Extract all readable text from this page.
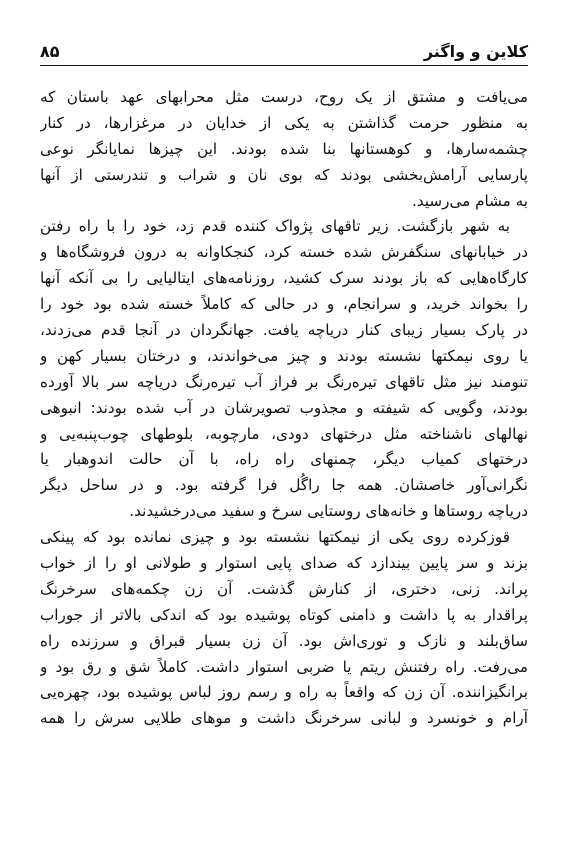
کلاین و واگنر
۸۵
می‌یافت و مشتق از یک روح، درست مثل محرابهای عهد باستان که
به منظور حرمت گذاشتن به یکی از خدایان در مرغزارها، در کنار
چشمه‌سارها، و کوهستانها بنا شده بودند. این چیزها نمایانگر نوعی
پارسایی آرامش‌بخشی بودند که بوی نان و شراب و تندرستی از آنها
به مشام می‌رسید.
به شهر بازگشت. زیر تاقهای پژواک کننده قدم زد، خود را با راه رفتن
در خیابانهای سنگفرش شده خسته کرد، کنجکاوانه به درون فروشگاه‌ها و
کارگاه‌هایی که باز بودند سرک کشید، روزنامه‌های ایتالیایی را بی آنکه آنها
را بخواند خرید، و سرانجام، و در حالی که کاملاً خسته شده بود خود را
در پارک بسیار زیبای کنار دریاچه یافت. جهانگردان در آنجا قدم می‌زدند،
یا روی نیمکتها نشسته بودند و چیز می‌خواندند، و درختان بسیار کهن و
تنومند نیز مثل تاقهای تیره‌رنگ بر فراز آب تیره‌رنگ دریاچه سر بالا آورده
بودند، وگویی که شیفته و مجذوب تصویرشان در آب شده بودند: انبوهی
نهالهای ناشناخته مثل درختهای دودی، مارچوبه، بلوطهای چوب‌پنبه‌یی و
درختهای کمیاب دیگر، چمنهای راه راه، با آن حالت اندوهبار یا
نگرانی‌آور خاصشان. همه جا راگُل فرا گرفته بود. و در ساحل دیگر
دریاچه روستاها و خانه‌های روستایی سرخ و سفید می‌درخشیدند.
قوزکرده روی یکی از نیمکتها نشسته بود و چیزی نمانده بود که پینکی
بزند و سر پایین بیندازد که صدای پایی استوار و طولانی او را از خواب
پراند. زنی، دختری، از کنارش گذشت. آن زن چکمه‌های سرخرنگ
پراقدار به پا داشت و دامنی کوتاه پوشیده بود که اندکی بالاتر از جوراب
ساق‌بلند و نازک و توری‌اش بود. آن زن بسیار قبراق و سرزنده راه
می‌رفت. راه رفتنش ریتم یا ضربی استوار داشت. کاملاً شق و رق بود و
برانگیزاننده. آن زن که واقعاً به راه و رسم روز لباس پوشیده بود، چهره‌یی
آرام و خونسرد و لبانی سرخرنگ داشت و موهای طلایی سرش را همه
